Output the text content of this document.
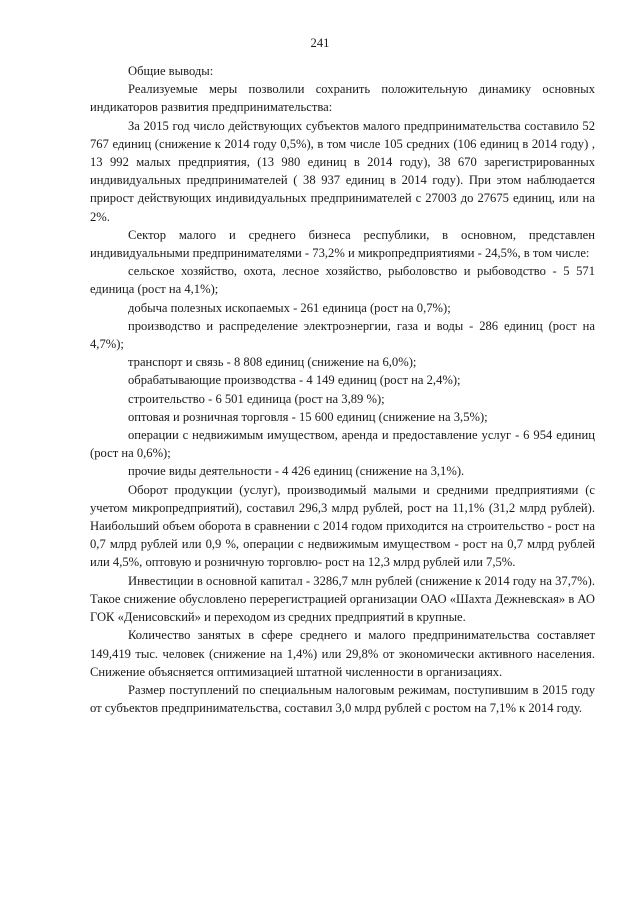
241

Общие выводы:

Реализуемые меры позволили сохранить положительную динамику основных индикаторов развития предпринимательства:

За 2015 год число действующих субъектов малого предпринимательства составило 52 767 единиц (снижение к 2014 году 0,5%), в том числе 105 средних (106 единиц в 2014 году) , 13 992 малых предприятия, (13 980 единиц в 2014 году), 38 670 зарегистрированных индивидуальных предпринимателей ( 38 937 единиц в 2014 году). При этом наблюдается прирост действующих индивидуальных предпринимателей с 27003 до 27675 единиц, или на 2%.

Сектор малого и среднего бизнеса республики, в основном, представлен индивидуальными предпринимателями - 73,2% и микропредприятиями - 24,5%, в том числе:

сельское хозяйство, охота, лесное хозяйство, рыболовство и рыбоводство - 5 571 единица (рост на 4,1%);

добыча полезных ископаемых - 261 единица (рост на 0,7%);

производство и распределение электроэнергии, газа и воды - 286 единиц (рост на 4,7%);

транспорт и связь - 8 808 единиц (снижение на 6,0%);

обрабатывающие производства - 4 149 единиц (рост на 2,4%);

строительство - 6 501 единица (рост на 3,89 %);

оптовая и розничная торговля - 15 600 единиц (снижение на 3,5%);

операции с недвижимым имуществом, аренда и предоставление услуг - 6 954 единиц (рост на 0,6%);

прочие виды деятельности - 4 426 единиц (снижение на 3,1%).

Оборот продукции (услуг), производимый малыми и средними предприятиями (с учетом микропредприятий), составил 296,3 млрд рублей, рост на 11,1% (31,2 млрд рублей). Наибольший объем оборота в сравнении с 2014 годом приходится на строительство - рост на 0,7 млрд рублей или 0,9 %, операции с недвижимым имуществом - рост на 0,7 млрд рублей или 4,5%, оптовую и розничную торговлю- рост на 12,3 млрд рублей или 7,5%.

Инвестиции в основной капитал - 3286,7 млн рублей (снижение к 2014 году на 37,7%). Такое снижение обусловлено перерегистрацией организации ОАО «Шахта Дежневская» в АО ГОК «Денисовский» и переходом из средних предприятий в крупные.

Количество занятых в сфере среднего и малого предпринимательства составляет 149,419 тыс. человек (снижение на 1,4%) или 29,8% от экономически активного населения. Снижение объясняется оптимизацией штатной численности в организациях.

Размер поступлений по специальным налоговым режимам, поступившим в 2015 году от субъектов предпринимательства, составил 3,0 млрд рублей с ростом на 7,1% к 2014 году.
